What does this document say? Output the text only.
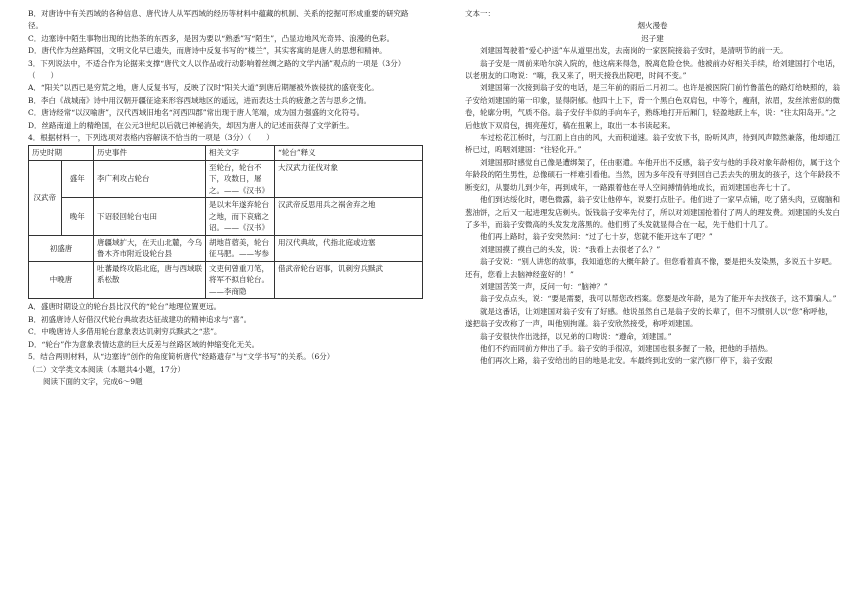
B．对唐诗中有关西域的各种信息、唐代诗人从军西域的经历等材料中蕴藏的机制、关系的挖掘可形成重要的研究路径。

C．边塞诗中陌生事物出现的比热茶的东西多，是因为要以“熟悉”写“陌生”，凸显边地风光奇异、浪漫的色彩。

D．唐代作为丝路辉国，文明文化早已遗失，而唐诗中反复书写的“楼兰”，其实客寓的是唐人的思想和精神。

3．下列说法中，不适合作为论据来支撑“唐代文人以作品或行动影响着丝绸之路的文学内涵”观点的一项是（3分）（　　）

A．“阳关”以西已是穷荒之地，唐人反复书写，反映了汉时“阳关大道”到唐后期屡被外族侵扰的盛衰变化。

B．李白《战城南》诗中用汉朝开疆征途来形容西域地区的遥远，进而表达士兵的疲惫之苦与思乡之情。

C．唐诗经常“以汉喻唐”，汉代西域旧地名“河西四郡”常出现于唐人笔端，成为国力强盛的文化符号。

D．丝路南道上的精绝国，在公元3世纪以后就已神秘消失，却因为唐人的记述而获得了文学新生。

4．根据材料一，下列选项对表格内容解读不恰当的一项是（3分）（　　）

历史时期		历史事件	相关文字	“轮台”释义
汉武帝	盛年	李广利攻占轮台	至轮台，轮台不下，攻数日，屠之。——《汉书》	大汉武力征伐对象
	晚年	下诏驳回轮台屯田	是以末年遂弃轮台之地，而下哀痛之诏。——《汉书》	汉武帝反思用兵之祸舍弃之地
初盛唐		唐疆域扩大，在天山北麓，今乌鲁木齐市附近设轮台县	胡地苜蓿美，轮台征马肥。——岑参	用汉代典故，代指北庭或边塞
中晚唐		吐蕃最终攻陷北庭，唐与西域联系松散	文吏何曾重刀笔，将军不拟自轮台。——李商隐	借武帝轮台诏事，讥刺穷兵黩武

A．盛唐时期设立的轮台县比汉代的“轮台”地理位置更远。

B．初盛唐诗人好借汉代轮台典故表达征战建功的精神追求与“喜”。

C．中晚唐诗人多借用轮台意象表达讥刺穷兵黩武之“悲”。

D．“轮台”作为意象表情达意的巨大反差与丝路区域的伸缩变化无关。

5．结合两则材料，从“边塞诗”创作的角度简析唐代“经路遗存”与“文学书写”的关系。（6分）

（二）文学类文本阅读（本题共4小题，17分）

阅读下面的文字，完成6～9题

文本一：

烟火漫卷

迟子建

刘建国驾驶着“爱心护送”车从道里出发，去南岗的一家医院接翁子安时，是清明节的前一天。

翁子安是一周前来哈尔滨入院的，他这病来得急，脱离危险仓快。他被前办好相关手续，给刘建国打个电话，以老朋友的口吻说：“嗨，我又来了，明天接我出院吧，时间不变。”

刘建国第一次接到翁子安的电话，是三年前的雨后二月初二。也许是被医院门前竹鲁蓝色的路灯给映照的，翁子安给刘建国的第一印象，显得阴郁。他四十上下，背一个黑白色双肩包，中等个，瘦削，浓眉，发丝浓密似的微卷，轮廓分明，气质不俗。翁子安仔半似的手向车子，熟练地打开后厢门，轻盈地跃上车，说：“往太阳岛开。”之后他放下双肩包，拥亮莲灯，稿在扭絮上，取出一本书读起来。

车过松花江桥时，与江面上自由的风，大而积道速。翁子安放下书，盼听风声，待到风声隙然兼落，他却通江桥已过，呜咽刘建国：“往轻化开。”

刘建国那时感觉自己像是遭绑架了，任由驱遣。车他开出不反感，翁子安与他的手段对象年龄相仿，属于这个年龄段的陌生男性，总像硕石一样难引看他。当然，因为多年没有寻到回自己丢去失的朋友的孩子，这个年龄段不断变幻，从婴幼儿到少年，再到成年，一路跟着他在寻人空间搏情俏地成长，而刘建国也奔七十了。

他们到达绥化时，嗯色微露，翁子安让他停车，说要打点肚子。他们进了一家早点铺，吃了猪头肉，豆腐脑和葱油饼，之后又一起进理发店剃头。饭钱翁子安率先付了，所以对刘建国抢着付了两人的理发费。刘建国的头发白了多半，而翁子安微高的头发发龙落黑的。他们剪了头发就显得合在一起，先于他们十几了。

他们再上路时，翁子安突然问：“过了七十岁，您就不能开这车了吧？”

刘建国摸了摸自己的头发，说：“我看上去很老了么？”

翁子安说：“别人讲您的故事，我知道您的大概年龄了。但您看着真不像，要是把头发染黑，多说五十岁吧。还有，您看上去脑神经蛮好的！”

刘建国苦笑一声，反问一句：“脑神？”

翁子安点点头，说：“要是需要，我可以帮您改档案。您要是改年龄，是为了能开车去找孩子，这不算骗人。”

就是这番话，让刘建国对翁子安有了好感。他说虽然自己是翁子安的长辈了，但不习惯别人以“您”称呼他，遂把翁子安改称了一声，叫他别拘谨。翁子安欣然接受，称呼刘建国。

翁子安很快作出选择，以兄弟的口吻说：“遵命，刘建国。”

他们不约而同前方伸出了手。翁子安的手很凉，刘建国也很多握了一般，把他的手捂热。

他们再次上路，翁子安给出的目的地是北安。车最终到北安的一家汽修厂停下，翁子安跟
